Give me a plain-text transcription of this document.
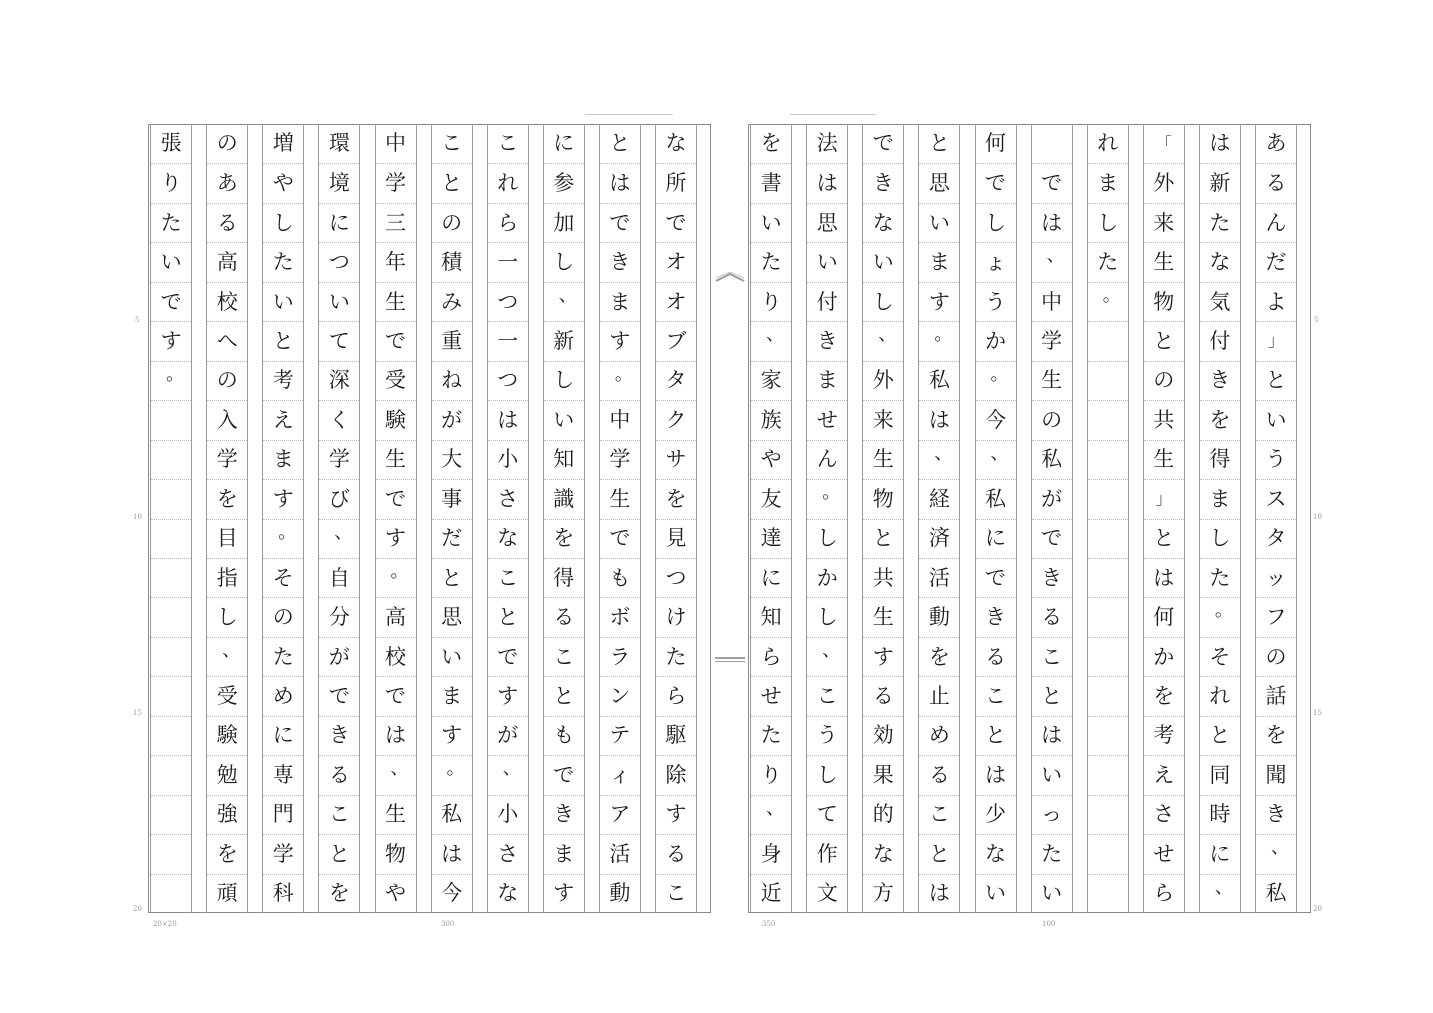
な
所
で
オ
オ
ブ
タ
ク
サ
を
見
つ
け
た
ら
駆
除
す
る
こ
と
は
で
き
ま
す
。
中
学
生
で
も
ボ
ラ
ン
テ
ィ
ア
活
動
に
参
加
し
、
新
し
い
知
識
を
得
る
こ
と
も
で
き
ま
す
こ
れ
ら
一
つ
一
つ
は
小
さ
な
こ
と
で
す
が
、
小
さ
な
こ
と
の
積
み
重
ね
が
大
事
だ
と
思
い
ま
す
。
私
は
今
中
学
三
年
生
で
受
験
生
で
す
。
高
校
で
は
、
生
物
や
環
境
に
つ
い
て
深
く
学
び
、
自
分
が
で
き
る
こ
と
を
増
や
し
た
い
と
考
え
ま
す
。
そ
の
た
め
に
専
門
学
科
の
あ
る
高
校
へ
の
入
学
を
目
指
し
、
受
験
勉
強
を
頑
張
り
た
い
で
す
。
あ
る
ん
だ
よ
」
と
い
う
ス
タ
ッ
フ
の
話
を
聞
き
、
私
は
新
た
な
気
付
き
を
得
ま
し
た
。
そ
れ
と
同
時
に
、
「
外
来
生
物
と
の
共
生
」
と
は
何
か
を
考
え
さ
せ
ら
れ
ま
し
た
。
で
は
、
中
学
生
の
私
が
で
き
る
こ
と
は
い
っ
た
い
何
で
し
ょ
う
か
。
今
、
私
に
で
き
る
こ
と
は
少
な
い
と
思
い
ま
す
。
私
は
、
経
済
活
動
を
止
め
る
こ
と
は
で
き
な
い
し
、
外
来
生
物
と
共
生
す
る
効
果
的
な
方
法
は
思
い
付
き
ま
せ
ん
。
し
か
し
、
こ
う
し
て
作
文
を
書
い
た
り
、
家
族
や
友
達
に
知
ら
せ
た
り
、
身
近
5
10
15
20
5
10
15
20
20×20	300	350	100
